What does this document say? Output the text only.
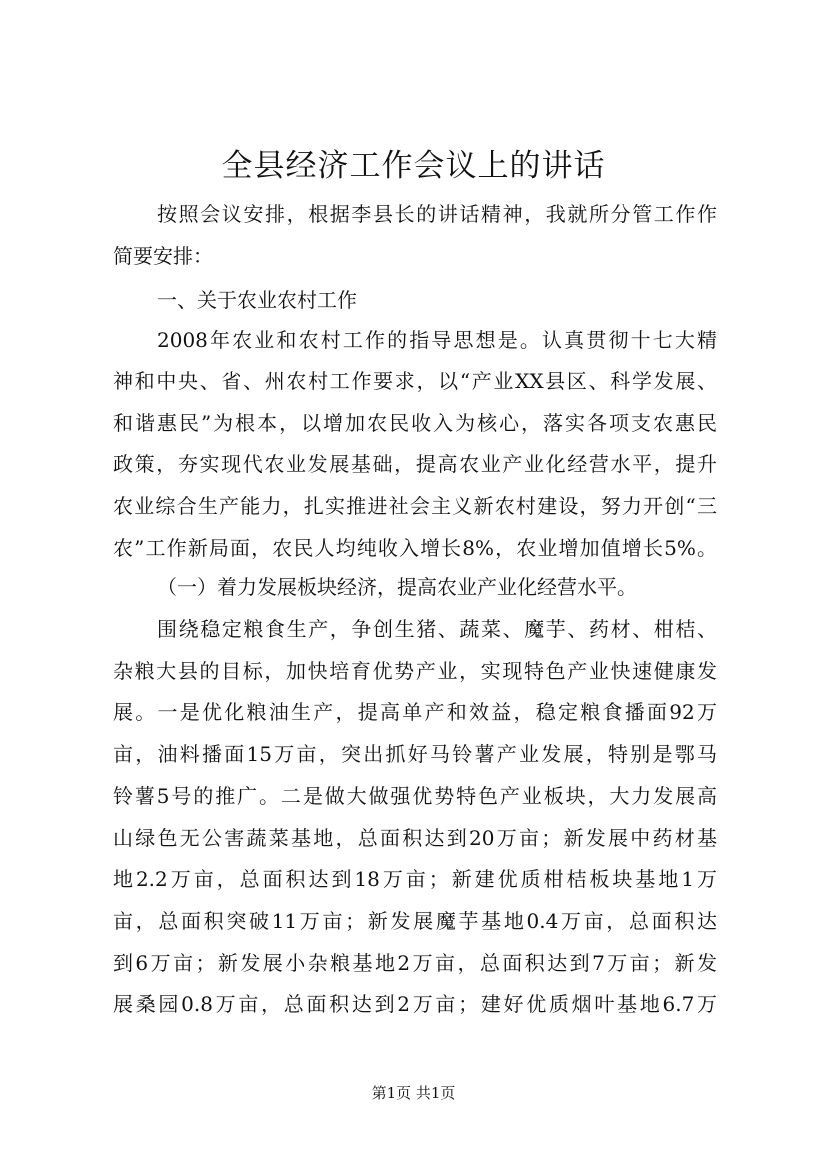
全县经济工作会议上的讲话
按照会议安排，根据李县长的讲话精神，我就所分管工作作
简要安排：
一、关于农业农村工作
2008年农业和农村工作的指导思想是。认真贯彻十七大精
神和中央、省、州农村工作要求，以“产业XX县区、科学发展、
和谐惠民”为根本，以增加农民收入为核心，落实各项支农惠民
政策，夯实现代农业发展基础，提高农业产业化经营水平，提升
农业综合生产能力，扎实推进社会主义新农村建设，努力开创“三
农”工作新局面，农民人均纯收入增长8%，农业增加值增长5%。
（一）着力发展板块经济，提高农业产业化经营水平。
围绕稳定粮食生产，争创生猪、蔬菜、魔芋、药材、柑桔、
杂粮大县的目标，加快培育优势产业，实现特色产业快速健康发
展。一是优化粮油生产，提高单产和效益，稳定粮食播面92万
亩，油料播面15万亩，突出抓好马铃薯产业发展，特别是鄂马
铃薯5号的推广。二是做大做强优势特色产业板块，大力发展高
山绿色无公害蔬菜基地，总面积达到20万亩；新发展中药材基
地2.2万亩，总面积达到18万亩；新建优质柑桔板块基地1万
亩，总面积突破11万亩；新发展魔芋基地0.4万亩，总面积达
到6万亩；新发展小杂粮基地2万亩，总面积达到7万亩；新发
展桑园0.8万亩，总面积达到2万亩；建好优质烟叶基地6.7万
第1页 共1页
